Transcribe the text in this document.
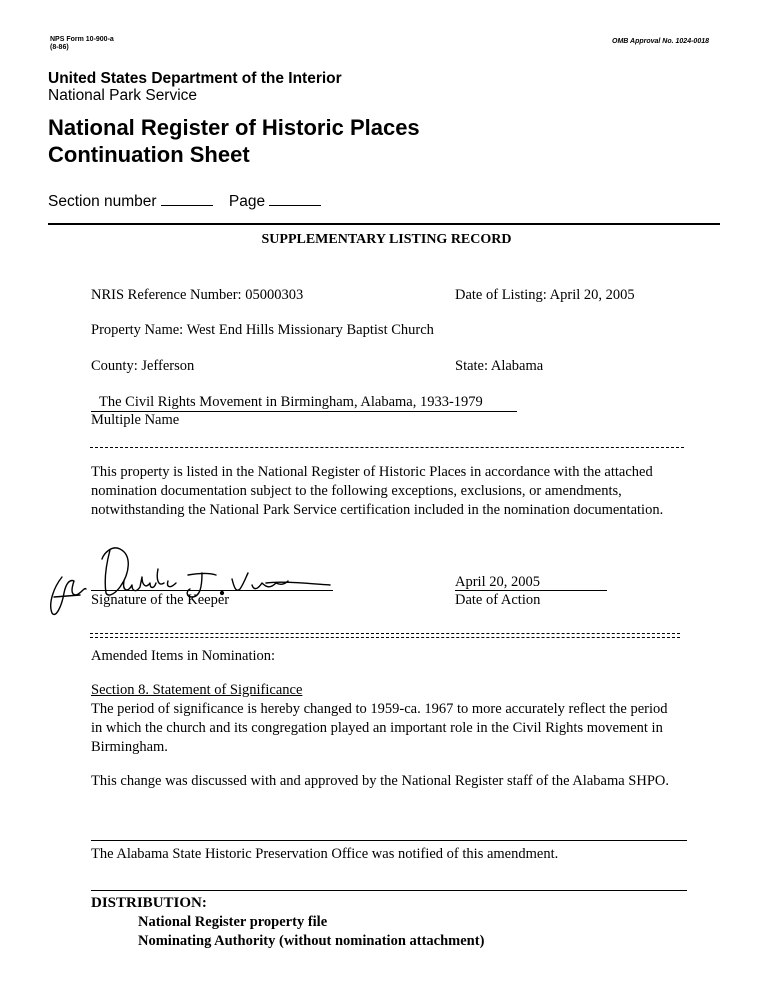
NPS Form 10-900-a
(8-86)
OMB Approval No. 1024-0018
United States Department of the Interior
National Park Service
National Register of Historic Places
Continuation Sheet
Section number	Page
SUPPLEMENTARY LISTING RECORD
NRIS Reference Number: 05000303	Date of Listing: April 20, 2005
Property Name: West End Hills Missionary Baptist Church
County: Jefferson	State: Alabama
The Civil Rights Movement in Birmingham, Alabama, 1933-1979
Multiple Name
This property is listed in the National Register of Historic Places in accordance with the attached nomination documentation subject to the following exceptions, exclusions, or amendments, notwithstanding the National Park Service certification included in the nomination documentation.
Signature of the Keeper
April 20, 2005
Date of Action
Amended Items in Nomination:
Section 8. Statement of Significance
The period of significance is hereby changed to 1959-ca. 1967 to more accurately reflect the period in which the church and its congregation played an important role in the Civil Rights movement in Birmingham.
This change was discussed with and approved by the National Register staff of the Alabama SHPO.
The Alabama State Historic Preservation Office was notified of this amendment.
DISTRIBUTION:
National Register property file
Nominating Authority (without nomination attachment)
